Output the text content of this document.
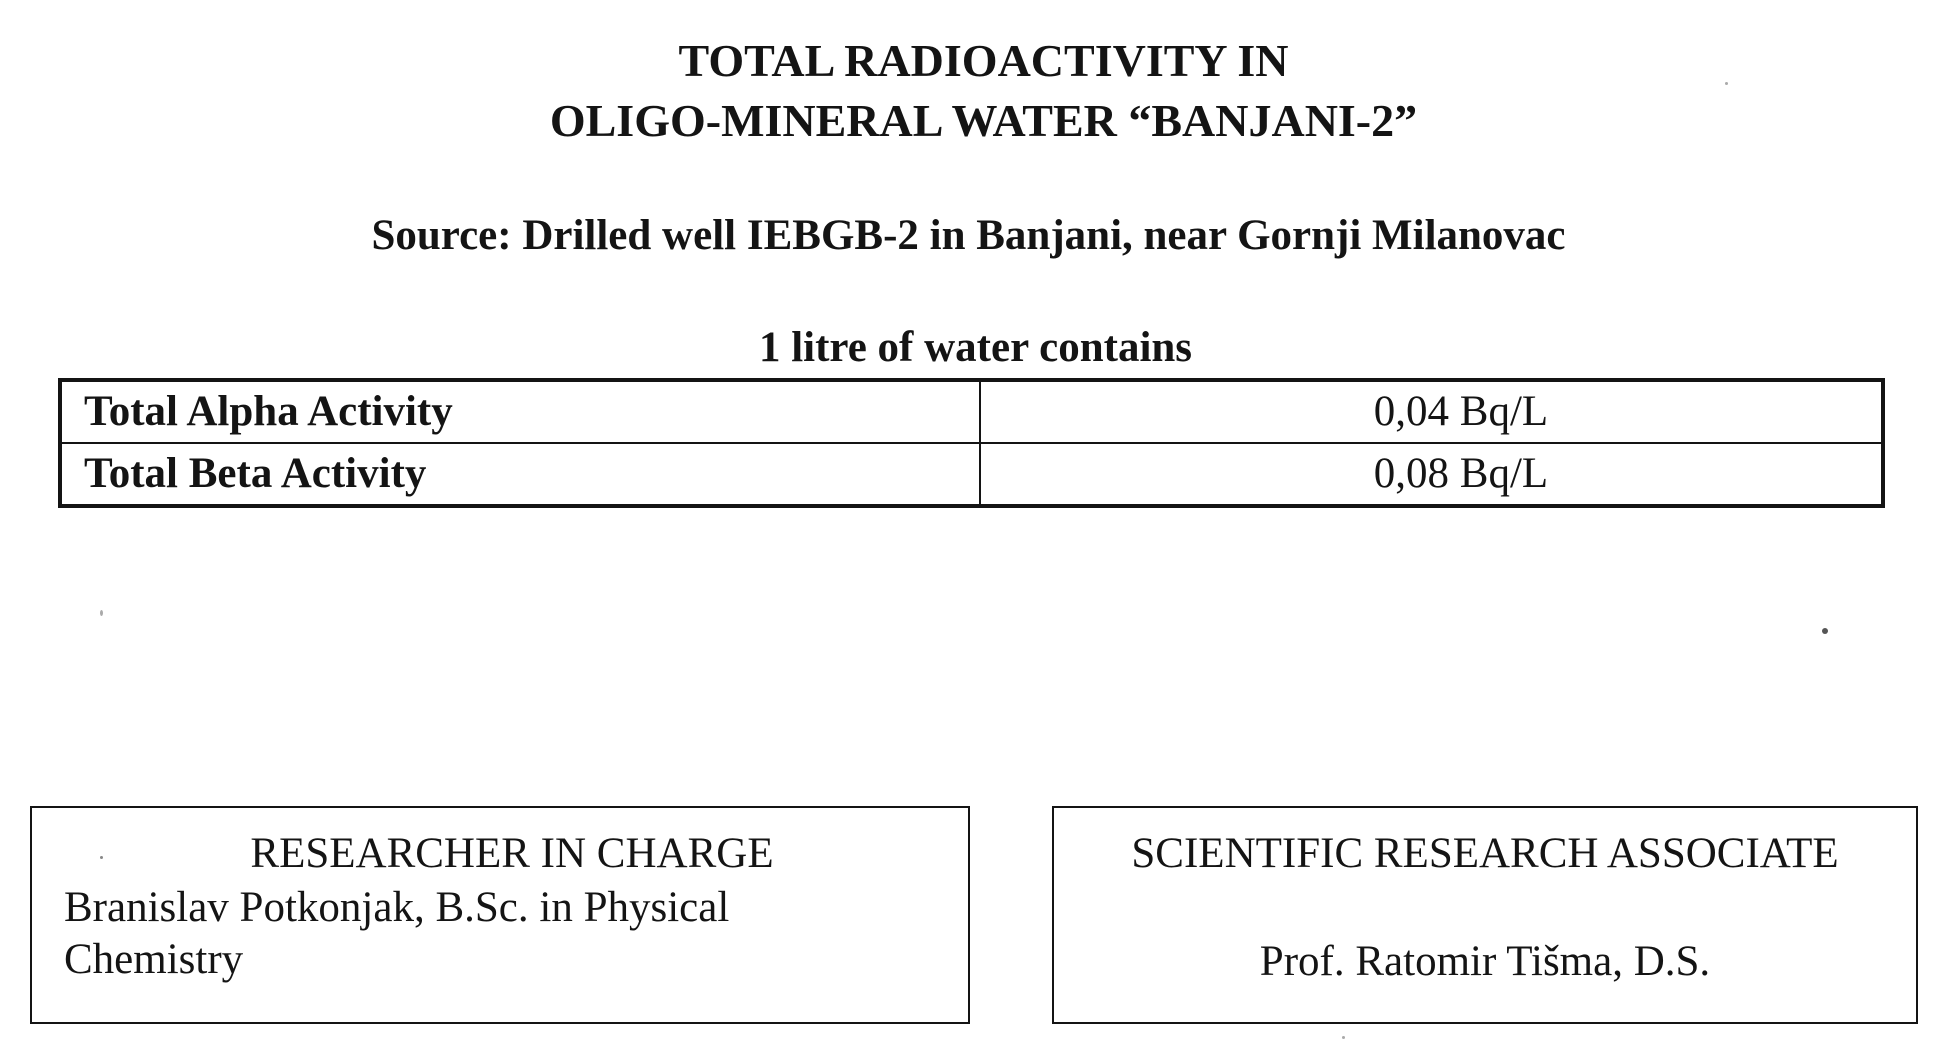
TOTAL RADIOACTIVITY IN
OLIGO-MINERAL WATER “BANJANI-2”
Source: Drilled well IEBGB-2 in Banjani, near Gornji Milanovac
1 litre of water contains
Total Alpha Activity	0,04 Bq/L
Total Beta Activity	0,08 Bq/L
RESEARCHER IN CHARGE
Branislav Potkonjak, B.Sc. in Physical Chemistry
SCIENTIFIC RESEARCH ASSOCIATE
Prof. Ratomir Tišma, D.S.
